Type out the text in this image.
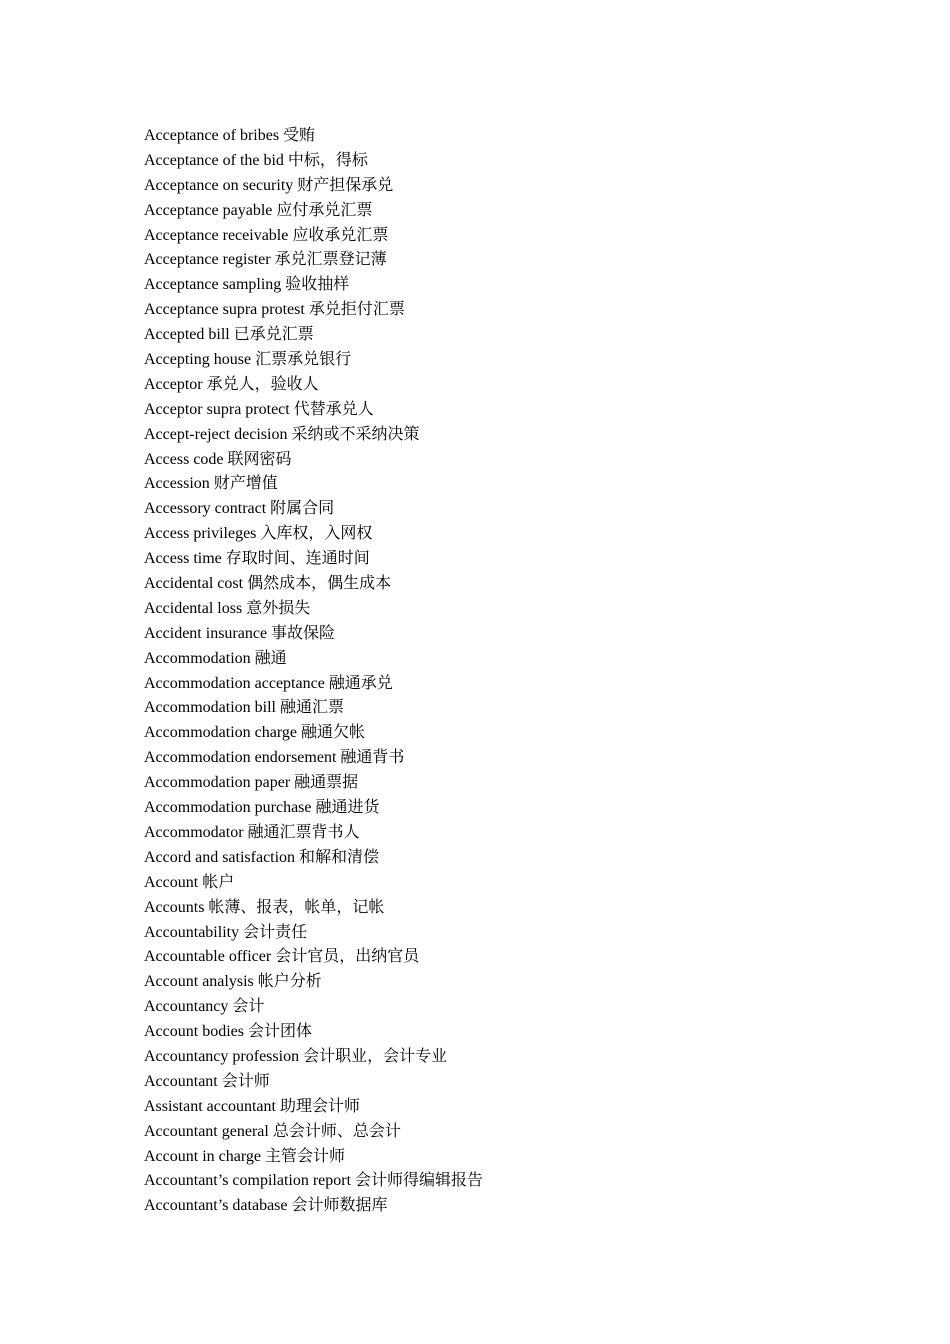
Acceptance of bribes 受贿
Acceptance of the bid 中标，得标
Acceptance on security 财产担保承兑
Acceptance payable 应付承兑汇票
Acceptance receivable 应收承兑汇票
Acceptance register 承兑汇票登记薄
Acceptance sampling 验收抽样
Acceptance supra protest 承兑拒付汇票
Accepted bill 已承兑汇票
Accepting house 汇票承兑银行
Acceptor 承兑人，验收人
Acceptor supra protect 代替承兑人
Accept-reject decision 采纳或不采纳决策
Access code 联网密码
Accession 财产增值
Accessory contract 附属合同
Access privileges 入库权，入网权
Access time 存取时间、连通时间
Accidental cost 偶然成本，偶生成本
Accidental loss 意外损失
Accident insurance 事故保险
Accommodation 融通
Accommodation acceptance 融通承兑
Accommodation bill 融通汇票
Accommodation charge 融通欠帐
Accommodation endorsement 融通背书
Accommodation paper 融通票据
Accommodation purchase 融通进货
Accommodator 融通汇票背书人
Accord and satisfaction 和解和清偿
Account 帐户
Accounts 帐薄、报表，帐单，记帐
Accountability 会计责任
Accountable officer 会计官员，出纳官员
Account analysis 帐户分析
Accountancy 会计
Account bodies 会计团体
Accountancy profession 会计职业，会计专业
Accountant 会计师
Assistant accountant 助理会计师
Accountant general 总会计师、总会计
Account in charge 主管会计师
Accountant’s compilation report 会计师得编辑报告
Accountant’s database 会计师数据库
